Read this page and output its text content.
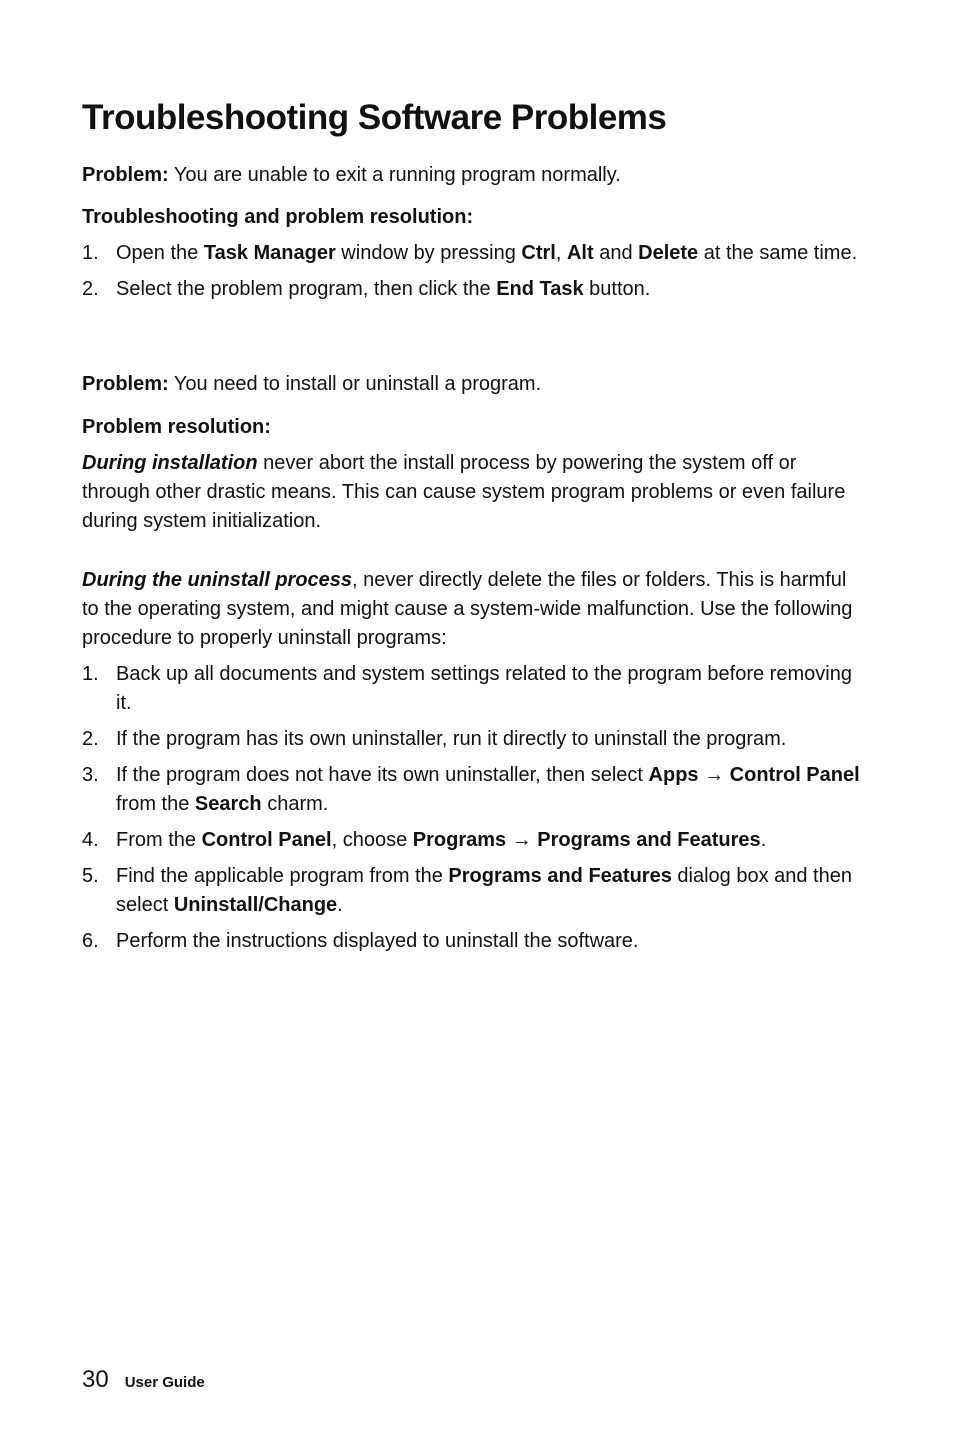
Troubleshooting Software Problems

Problem: You are unable to exit a running program normally.

Troubleshooting and problem resolution:

1. Open the Task Manager window by pressing Ctrl, Alt and Delete at the same time.
2. Select the problem program, then click the End Task button.

Problem: You need to install or uninstall a program.

Problem resolution:

During installation never abort the install process by powering the system off or through other drastic means. This can cause system program problems or even failure during system initialization.

During the uninstall process, never directly delete the files or folders. This is harmful to the operating system, and might cause a system-wide malfunction. Use the following procedure to properly uninstall programs:

1. Back up all documents and system settings related to the program before removing it.
2. If the program has its own uninstaller, run it directly to uninstall the program.
3. If the program does not have its own uninstaller, then select Apps → Control Panel from the Search charm.
4. From the Control Panel, choose Programs → Programs and Features.
5. Find the applicable program from the Programs and Features dialog box and then select Uninstall/Change.
6. Perform the instructions displayed to uninstall the software.
30 User Guide
